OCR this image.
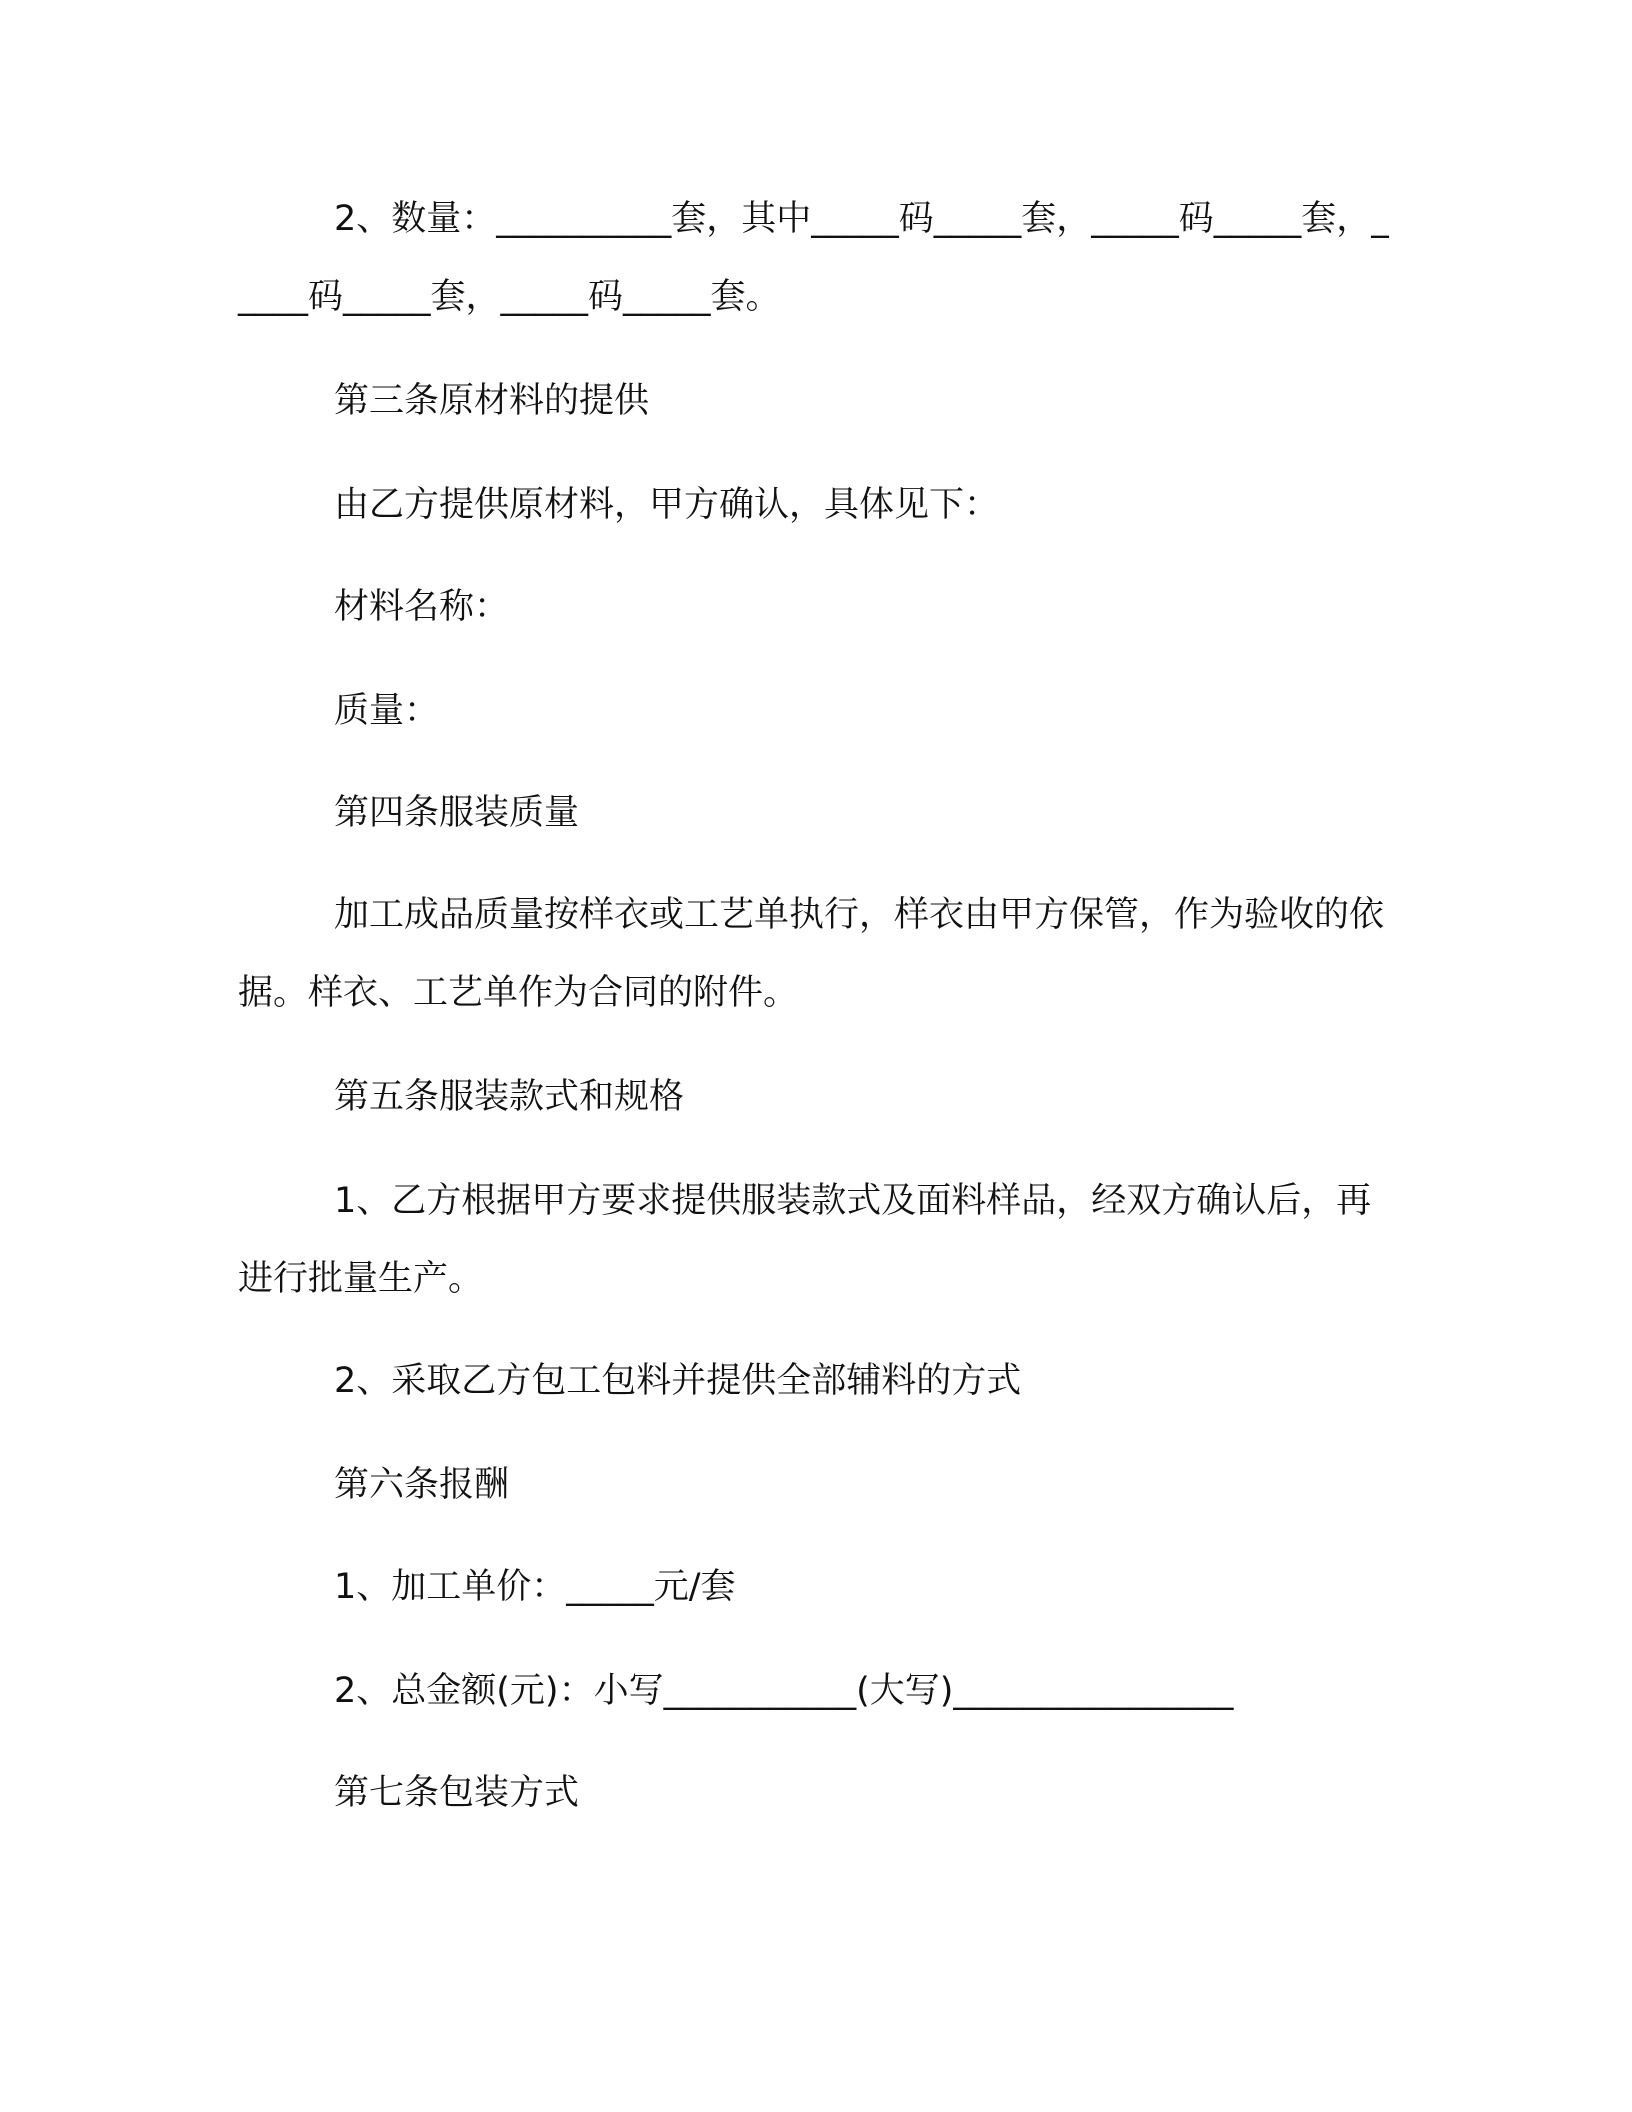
2、数量：__________套，其中_____码_____套，_____码_____套，_____码_____套，_____码_____套。

第三条原材料的提供

由乙方提供原材料，甲方确认，具体见下：

材料名称：

质量：

第四条服装质量

加工成品质量按样衣或工艺单执行，样衣由甲方保管，作为验收的依据。样衣、工艺单作为合同的附件。

第五条服装款式和规格

1、乙方根据甲方要求提供服装款式及面料样品，经双方确认后，再进行批量生产。

2、采取乙方包工包料并提供全部辅料的方式

第六条报酬

1、加工单价：_____元/套

2、总金额(元)：小写___________(大写)________________

第七条包装方式
